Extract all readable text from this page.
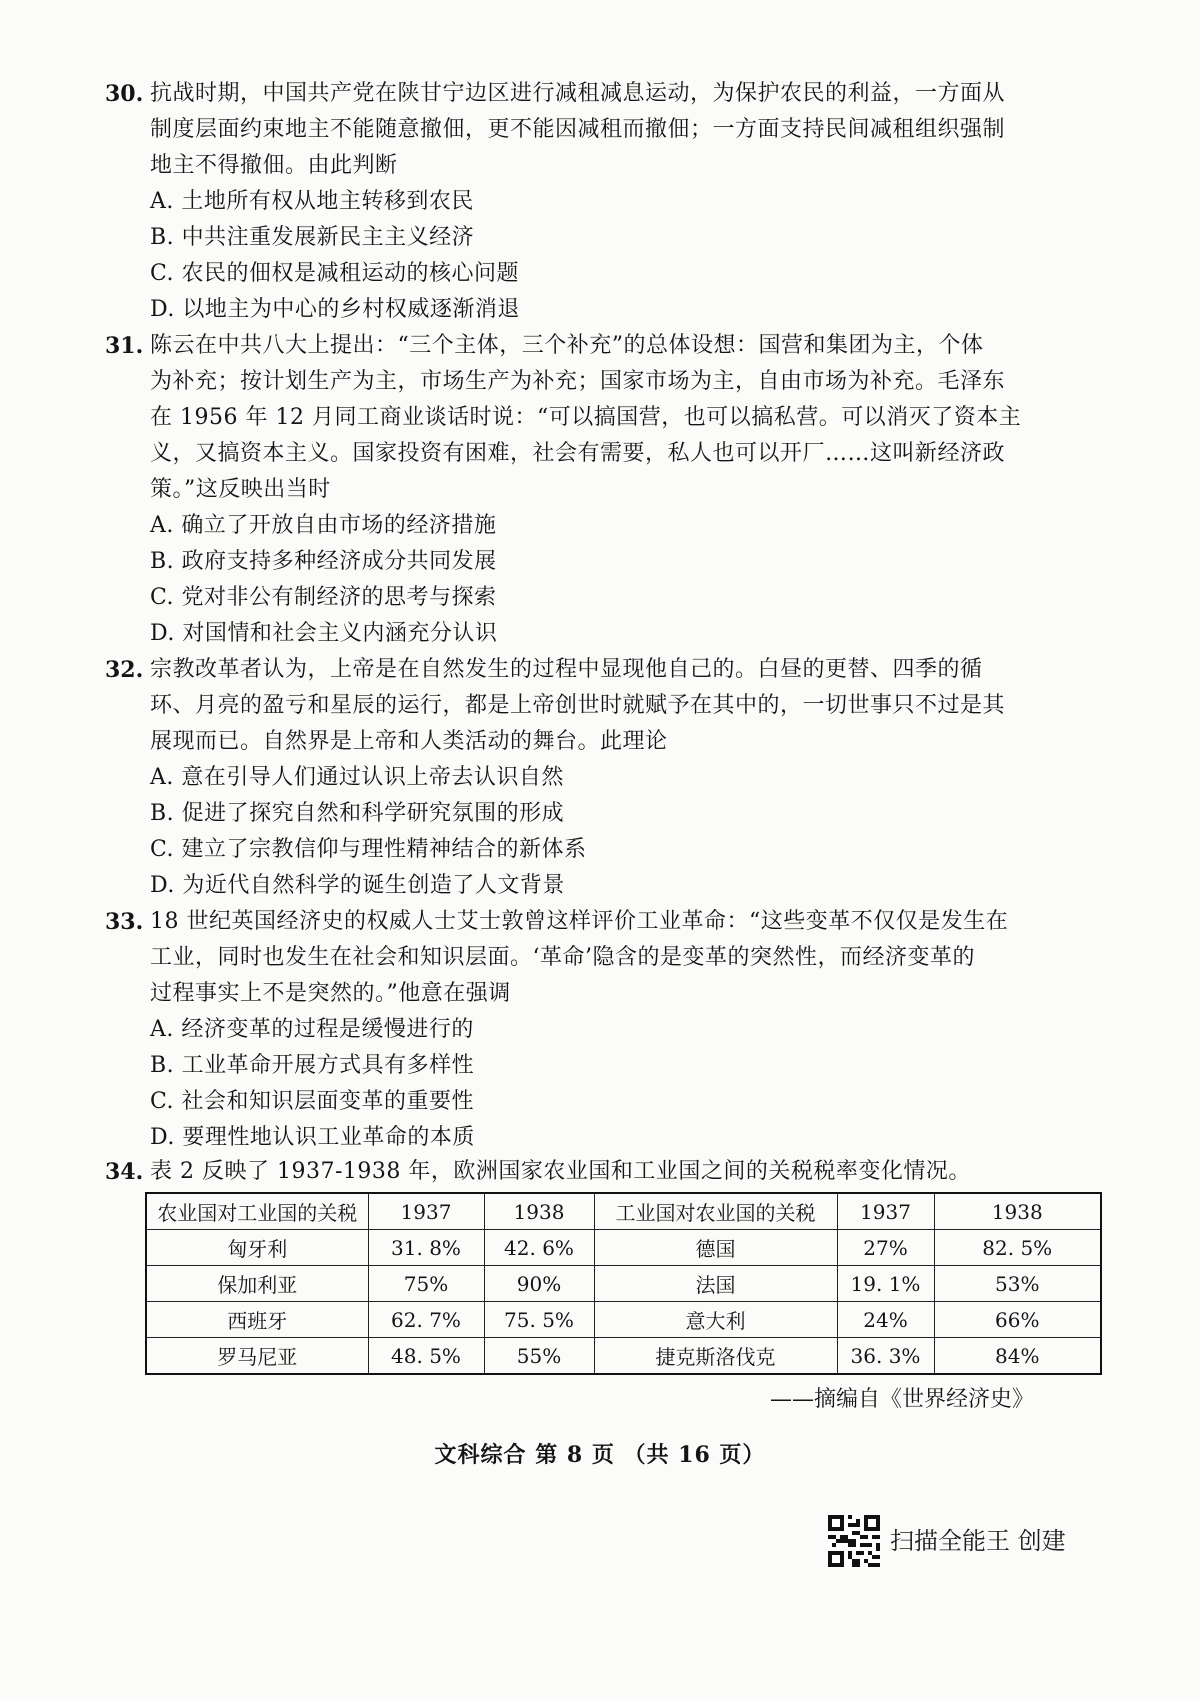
30. 抗战时期，中国共产党在陕甘宁边区进行减租减息运动，为保护农民的利益，一方面从
制度层面约束地主不能随意撤佃，更不能因减租而撤佃；一方面支持民间减租组织强制
地主不得撤佃。由此判断
A. 土地所有权从地主转移到农民
B. 中共注重发展新民主主义经济
C. 农民的佃权是减租运动的核心问题
D. 以地主为中心的乡村权威逐渐消退
31. 陈云在中共八大上提出：“三个主体，三个补充”的总体设想：国营和集团为主，个体
为补充；按计划生产为主，市场生产为补充；国家市场为主，自由市场为补充。毛泽东
在 1956 年 12 月同工商业谈话时说：“可以搞国营，也可以搞私营。可以消灭了资本主
义，又搞资本主义。国家投资有困难，社会有需要，私人也可以开厂……这叫新经济政
策。”这反映出当时
A. 确立了开放自由市场的经济措施
B. 政府支持多种经济成分共同发展
C. 党对非公有制经济的思考与探索
D. 对国情和社会主义内涵充分认识
32. 宗教改革者认为，上帝是在自然发生的过程中显现他自己的。白昼的更替、四季的循
环、月亮的盈亏和星辰的运行，都是上帝创世时就赋予在其中的，一切世事只不过是其
展现而已。自然界是上帝和人类活动的舞台。此理论
A. 意在引导人们通过认识上帝去认识自然
B. 促进了探究自然和科学研究氛围的形成
C. 建立了宗教信仰与理性精神结合的新体系
D. 为近代自然科学的诞生创造了人文背景
33. 18 世纪英国经济史的权威人士艾士敦曾这样评价工业革命：“这些变革不仅仅是发生在
工业，同时也发生在社会和知识层面。‘革命’隐含的是变革的突然性，而经济变革的
过程事实上不是突然的。”他意在强调
A. 经济变革的过程是缓慢进行的
B. 工业革命开展方式具有多样性
C. 社会和知识层面变革的重要性
D. 要理性地认识工业革命的本质
34. 表 2 反映了 1937-1938 年，欧洲国家农业国和工业国之间的关税税率变化情况。
农业国对工业国的关税	1937	1938	工业国对农业国的关税	1937	1938
匈牙利	31. 8%	42. 6%	德国	27%	82. 5%
保加利亚	75%	90%	法国	19. 1%	53%
西班牙	62. 7%	75. 5%	意大利	24%	66%
罗马尼亚	48. 5%	55%	捷克斯洛伐克	36. 3%	84%
——摘编自《世界经济史》
文科综合 第 8 页 （共 16 页）
扫描全能王 创建
